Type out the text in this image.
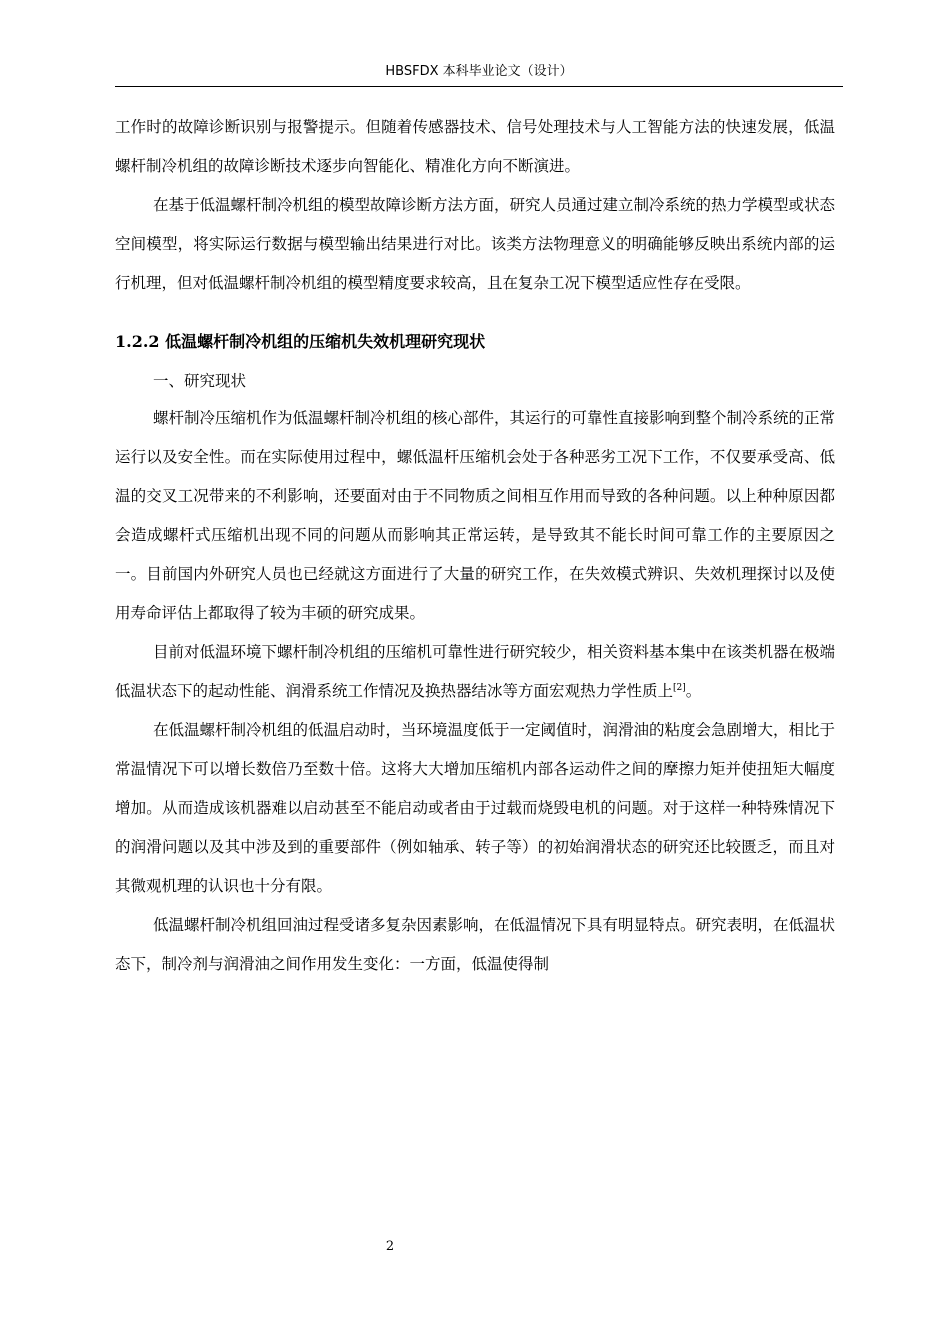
HBSFDX 本科毕业论文（设计）

工作时的故障诊断识别与报警提示。但随着传感器技术、信号处理技术与人工智能方法的快速发展，低温螺杆制冷机组的故障诊断技术逐步向智能化、精准化方向不断演进。

在基于低温螺杆制冷机组的模型故障诊断方法方面，研究人员通过建立制冷系统的热力学模型或状态空间模型，将实际运行数据与模型输出结果进行对比。该类方法物理意义的明确能够反映出系统内部的运行机理，但对低温螺杆制冷机组的模型精度要求较高，且在复杂工况下模型适应性存在受限。

1.2.2 低温螺杆制冷机组的压缩机失效机理研究现状

一、研究现状

螺杆制冷压缩机作为低温螺杆制冷机组的核心部件，其运行的可靠性直接影响到整个制冷系统的正常运行以及安全性。而在实际使用过程中，螺低温杆压缩机会处于各种恶劣工况下工作，不仅要承受高、低温的交叉工况带来的不利影响，还要面对由于不同物质之间相互作用而导致的各种问题。以上种种原因都会造成螺杆式压缩机出现不同的问题从而影响其正常运转，是导致其不能长时间可靠工作的主要原因之一。目前国内外研究人员也已经就这方面进行了大量的研究工作，在失效模式辨识、失效机理探讨以及使用寿命评估上都取得了较为丰硕的研究成果。

目前对低温环境下螺杆制冷机组的压缩机可靠性进行研究较少，相关资料基本集中在该类机器在极端低温状态下的起动性能、润滑系统工作情况及换热器结冰等方面宏观热力学性质上[2]。

在低温螺杆制冷机组的低温启动时，当环境温度低于一定阈值时，润滑油的粘度会急剧增大，相比于常温情况下可以增长数倍乃至数十倍。这将大大增加压缩机内部各运动件之间的摩擦力矩并使扭矩大幅度增加。从而造成该机器难以启动甚至不能启动或者由于过载而烧毁电机的问题。对于这样一种特殊情况下的润滑问题以及其中涉及到的重要部件（例如轴承、转子等）的初始润滑状态的研究还比较匮乏，而且对其微观机理的认识也十分有限。

低温螺杆制冷机组回油过程受诸多复杂因素影响，在低温情况下具有明显特点。研究表明，在低温状态下，制冷剂与润滑油之间作用发生变化：一方面，低温使得制

2
